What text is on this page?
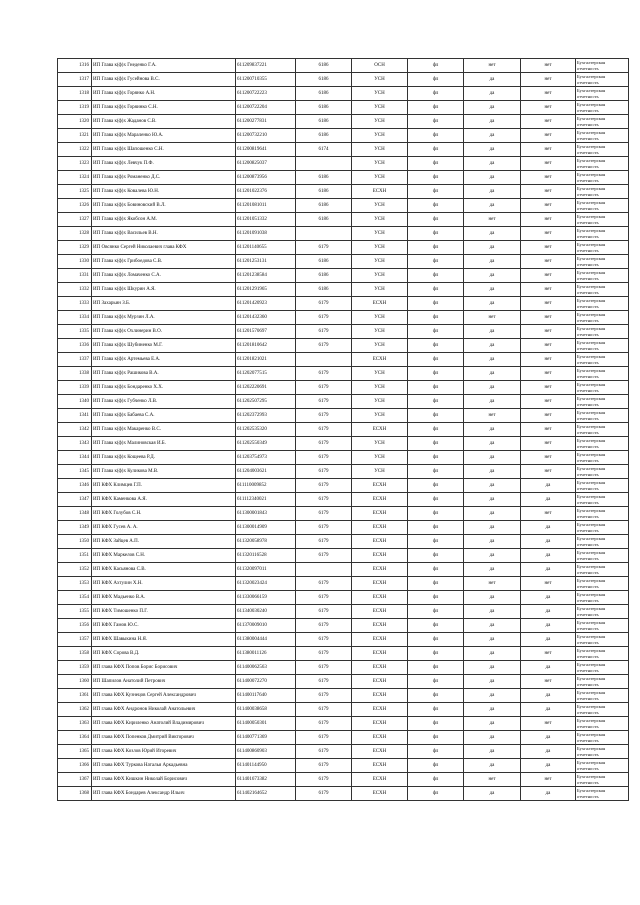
1316	ИП Глава к(ф)х Гнеденко Г.А.	611209837221	6186	ОСН	фл	нет	нет	Бухгалтерская отчетность
1317	ИП Глава к(ф)х Гусейнова В.С.	611200710355	6186	УСН	фл	да	нет	Бухгалтерская отчетность
1318	ИП Глава к(ф)х Горянко А.Н.	611200722223	6186	УСН	фл	да	нет	Бухгалтерская отчетность
1319	ИП Глава к(ф)х Горяинко С.Н.	611200722204	6186	УСН	фл	да	нет	Бухгалтерская отчетность
1320	ИП Глава к(ф)х Жаданов С.В.	611200277831	6186	УСН	фл	да	нет	Бухгалтерская отчетность
1321	ИП Глава к(ф)х Мараленко Ю.А.	611200732210	6186	УСН	фл	да	нет	Бухгалтерская отчетность
1322	ИП Глава к(ф)х Шапошенко С.Н.	611200819641	6174	УСН	фл	да	нет	Бухгалтерская отчетность
1323	ИП Глава к(ф)х Левчук П.Ф.	611200825037		УСН	фл	да	нет	Бухгалтерская отчетность
1324	ИП Глава к(ф)х Романенко Д.С.	611200873956	6186	УСН	фл	да	нет	Бухгалтерская отчетность
1325	ИП Глава к(ф)х Ковалева Ю.Н.	611201022376	6186	ЕСХН	фл	да	нет	Бухгалтерская отчетность
1326	ИП Глава к(ф)х Бовиновский В.Л.	611201081011	6186	УСН	фл	да	нет	Бухгалтерская отчетность
1327	ИП Глава к(ф)х Якобсон А.М.	611201051332	6186	УСН	фл	нет	нет	Бухгалтерская отчетность
1328	ИП Глава к(ф)х Васильев В.Н.	611201091038		УСН	фл	да	нет	Бухгалтерская отчетность
1329	ИП Овсянко Сергей Николаевич глава КФХ	611201140655	6179	УСН	фл	да	нет	Бухгалтерская отчетность
1330	ИП Глава к(ф)х Грибоедова С.В.	611201253131	6186	УСН	фл	да	нет	Бухгалтерская отчетность
1331	ИП Глава к(ф)х Ломаченко С.А.	611201238584	6186	УСН	фл	да	нет	Бухгалтерская отчетность
1332	ИП Глава к(ф)х Шкурин А.Я.	611201291965	6186	УСН	фл	да	нет	Бухгалтерская отчетность
1333	ИП Захарьин З.Б.	611201420923	6179	ЕСХН	фл	да	нет	Бухгалтерская отчетность
1334	ИП Глава к(ф)х Мурзин Л.А.	611201432360	6179	УСН	фл	нет	нет	Бухгалтерская отчетность
1335	ИП Глава к(ф)х Охлинерин В.О.	611201570697	6179	УСН	фл	да	нет	Бухгалтерская отчетность
1336	ИП Глава к(ф)х Шубиненко М.Г.	611201810642	6179	УСН	фл	да	нет	Бухгалтерская отчетность
1337	ИП Глава к(ф)х Артемьева Е.А.	611201821021		ЕСХН	фл	да	нет	Бухгалтерская отчетность
1338	ИП Глава к(ф)х Рашикова В.А.	611202077515	6179	УСН	фл	да	нет	Бухгалтерская отчетность
1339	ИП Глава к(ф)х Бондаренко Х.Х.	611202220691	6179	УСН	фл	да	нет	Бухгалтерская отчетность
1340	ИП Глава к(ф)х Губченко Л.В.	611202507295	6179	УСН	фл	да	нет	Бухгалтерская отчетность
1341	ИП Глава к(ф)х Бабаева С.А.	611202372993	6179	УСН	фл	нет	нет	Бухгалтерская отчетность
1342	ИП Глава к(ф)х Макаренко В.С.	611202535320	6179	ЕСХН	фл	да	нет	Бухгалтерская отчетность
1343	ИП Глава к(ф)х Малиновская И.Б.	611202550349	6179	УСН	фл	да	нет	Бухгалтерская отчетность
1344	ИП Глава к(ф)х Кощеева Р.Д.	611203754973	6179	УСН	фл	да	нет	Бухгалтерская отчетность
1345	ИП Глава к(ф)х Куликова М.В.	611204003621	6179	УСН	фл	да	нет	Бухгалтерская отчетность
1346	ИП КФХ Климцев Г.П.	611110009852	6179	ЕСХН	фл	да	да	Бухгалтерская отчетность
1347	ИП КФХ Каменкова А.Я.	611112340021	6179	ЕСХН	фл	да	да	Бухгалтерская отчетность
1348	ИП КФХ Голубов С.Н.	611300001843	6179	ЕСХН	фл	да	нет	Бухгалтерская отчетность
1349	ИП КФХ Гусев А. А.	611300014909	6179	ЕСХН	фл	да	да	Бухгалтерская отчетность
1350	ИП КФХ Зайцев А.П.	611320058978	6179	ЕСХН	фл	да	да	Бухгалтерская отчетность
1351	ИП КФХ Маркелов С.Н.	611320116528	6179	ЕСХН	фл	да	да	Бухгалтерская отчетность
1352	ИП КФХ Касьянова С.В.	611320097011		ЕСХН	фл	да	да	Бухгалтерская отчетность
1353	ИП КФХ Ахтулин Х.Н.	611320023424	6179	ЕСХН	фл	нет	нет	Бухгалтерская отчетность
1354	ИП КФХ Мадьенко В.А.	611330066159	6179	ЕСХН	фл	да	да	Бухгалтерская отчетность
1355	ИП КФХ Тимошенко П.Г.	611340030240	6179	ЕСХН	фл	да	да	Бухгалтерская отчетность
1356	ИП КФХ Гамов Ю.С.	611370009010	6179	ЕСХН	фл	да	да	Бухгалтерская отчетность
1357	ИП КФХ Шавыкина Н.Я.	611380004444	6179	ЕСХН	фл	да	да	Бухгалтерская отчетность
1358	ИП КФХ Сорова В.Д.	611380011126	6179	ЕСХН	фл	да	нет	Бухгалтерская отчетность
1359	ИП глава КФХ Попов Борис Борисович	611400062563	6179	ЕСХН	фл	да	да	Бухгалтерская отчетность
1360	ИП Шапилов Анатолий Петрович	611400072270	6179	ЕСХН	фл	да	нет	Бухгалтерская отчетность
1361	ИП глава КФХ Кузнецов Сергей Александрович	611400117640	6179	ЕСХН	фл	да	да	Бухгалтерская отчетность
1362	ИП глава КФХ Андронов Николай Анатольевич	611400038658	6179	ЕСХН	фл	да	да	Бухгалтерская отчетность
1363	ИП глава КФХ Кириленко Анатолий Владимирович	611400050301	6179	ЕСХН	фл	да	нет	Бухгалтерская отчетность
1364	ИП глава КФХ Попенков Дмитрий Викторович	611400771369	6179	ЕСХН	фл	да	да	Бухгалтерская отчетность
1365	ИП глава КФХ Козлов Юрий Игоревич	611400860903	6179	ЕСХН	фл	да	да	Бухгалтерская отчетность
1366	ИП глава КФХ Туркова Наталья Аркадьевна	611401144950	6179	ЕСХН	фл	да	да	Бухгалтерская отчетность
1367	ИП глава КФХ Кишкин Николай Борисович	611401673382	6179	ЕСХН	фл	нет	нет	Бухгалтерская отчетность
1368	ИП глава КФХ Бондарев Александр Ильич	611402164652	6179	ЕСХН	фл	да	да	Бухгалтерская отчетность
